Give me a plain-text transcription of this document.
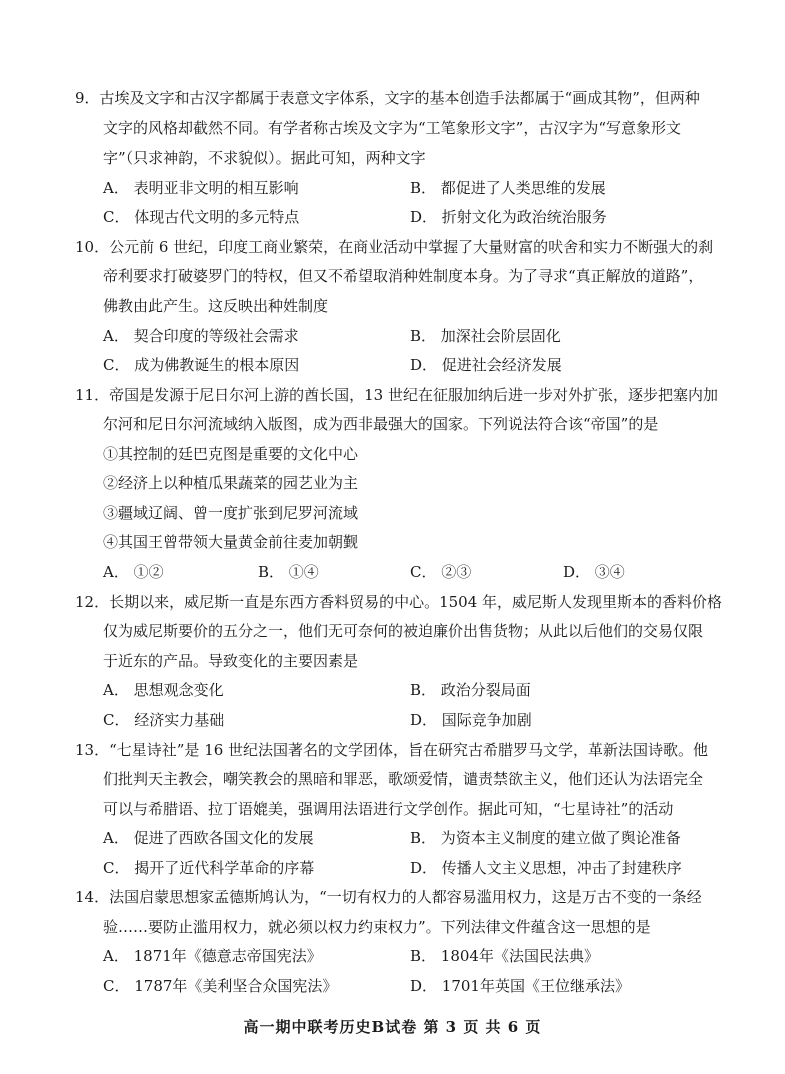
9．古埃及文字和古汉字都属于表意文字体系，文字的基本创造手法都属于“画成其物”，但两种
文字的风格却截然不同。有学者称古埃及文字为“工笔象形文字”，古汉字为“写意象形文
字”（只求神韵，不求貌似）。据此可知，两种文字
A． 表明亚非文明的相互影响	B． 都促进了人类思维的发展
C． 体现古代文明的多元特点	D． 折射文化为政治统治服务
10．公元前 6 世纪，印度工商业繁荣，在商业活动中掌握了大量财富的吠舍和实力不断强大的刹
帝利要求打破婆罗门的特权，但又不希望取消种姓制度本身。为了寻求“真正解放的道路”，
佛教由此产生。这反映出种姓制度
A． 契合印度的等级社会需求	B． 加深社会阶层固化
C． 成为佛教诞生的根本原因	D． 促进社会经济发展
11．帝国是发源于尼日尔河上游的酋长国，13 世纪在征服加纳后进一步对外扩张，逐步把塞内加
尔河和尼日尔河流域纳入版图，成为西非最强大的国家。下列说法符合该“帝国”的是
①其控制的廷巴克图是重要的文化中心
②经济上以种植瓜果蔬菜的园艺业为主
③疆域辽阔、曾一度扩张到尼罗河流域
④其国王曾带领大量黄金前往麦加朝觐
A． ①②	B． ①④	C． ②③	D． ③④
12．长期以来，威尼斯一直是东西方香料贸易的中心。1504 年，威尼斯人发现里斯本的香料价格
仅为威尼斯要价的五分之一，他们无可奈何的被迫廉价出售货物；从此以后他们的交易仅限
于近东的产品。导致变化的主要因素是
A． 思想观念变化	B． 政治分裂局面
C． 经济实力基础	D． 国际竞争加剧
13．“七星诗社”是 16 世纪法国著名的文学团体，旨在研究古希腊罗马文学，革新法国诗歌。他
们批判天主教会，嘲笑教会的黑暗和罪恶，歌颂爱情，谴责禁欲主义，他们还认为法语完全
可以与希腊语、拉丁语媲美，强调用法语进行文学创作。据此可知，“七星诗社”的活动
A． 促进了西欧各国文化的发展	B． 为资本主义制度的建立做了舆论准备
C． 揭开了近代科学革命的序幕	D． 传播人文主义思想，冲击了封建秩序
14．法国启蒙思想家孟德斯鸠认为，“一切有权力的人都容易滥用权力，这是万古不变的一条经
验……要防止滥用权力，就必须以权力约束权力”。下列法律文件蕴含这一思想的是
A． 1871年《德意志帝国宪法》	B． 1804年《法国民法典》
C． 1787年《美利坚合众国宪法》	D． 1701年英国《王位继承法》
高一期中联考历史B试卷 第 3 页 共 6 页
